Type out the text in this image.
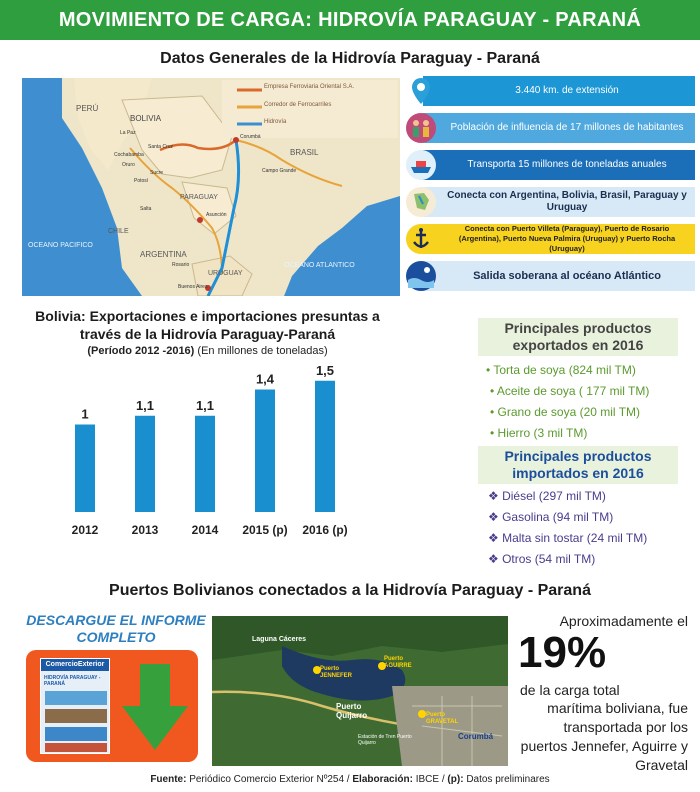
MOVIMIENTO DE CARGA: HIDROVÍA PARAGUAY - PARANÁ
Datos Generales de la Hidrovía Paraguay - Paraná
Empresa Ferroviaria Oriental S.A.
Corredor de Ferrocarriles
Hidrovía
PERÚ
BOLIVIA
BRASIL
PARAGUAY
CHILE
ARGENTINA
URUGUAY
OCEANO PACIFICO
OCEANO ATLANTICO
La Paz
Cochabamba
Santa Cruz
Oruro
Sucre
Potosí
Corumbá
Campo Grande
Asunción
Salta
Rosario
Buenos Aires
3.440 km. de extensión
Población de influencia de 17 millones de habitantes
Transporta 15 millones de toneladas anuales
Conecta con Argentina, Bolivia, Brasil, Paraguay y Uruguay
Conecta con Puerto Villeta (Paraguay), Puerto de Rosario (Argentina), Puerto Nueva Palmira (Uruguay) y Puerto Rocha (Uruguay)
Salida soberana al océano Atlántico
Bolivia: Exportaciones e importaciones presuntas a través de la Hidrovía Paraguay-Paraná
(Período 2012 -2016) (En millones de toneladas)
1
2012
1,1
2013
1,1
2014
1,4
2015 (p)
1,5
2016 (p)
Principales productos exportados en 2016
• Torta de soya (824 mil TM)
• Aceite de soya ( 177 mil TM)
• Grano de soya (20 mil TM)
• Hierro (3 mil TM)
Principales productos importados en 2016
❖ Diésel (297 mil TM)
❖ Gasolina (94 mil TM)
❖ Malta sin tostar (24 mil TM)
❖ Otros (54 mil TM)
Puertos Bolivianos conectados a la Hidrovía Paraguay - Paraná
DESCARGUE EL INFORME COMPLETO
ComercioExterior
HIDROVÍA PARAGUAY - PARANÁ
Laguna Cáceres
Puerto JENNEFER
Puerto AGUIRRE
Puerto Quijarro	Puerto GRAVETAL
Corumbá
Estación de Tren Puerto Quijarro
Aproximadamente el
19%de la carga total
marítima boliviana, fue transportada por los puertos Jennefer, Aguirre y Gravetal
Fuente: Periódico Comercio Exterior Nº254 / Elaboración: IBCE / (p): Datos preliminares
